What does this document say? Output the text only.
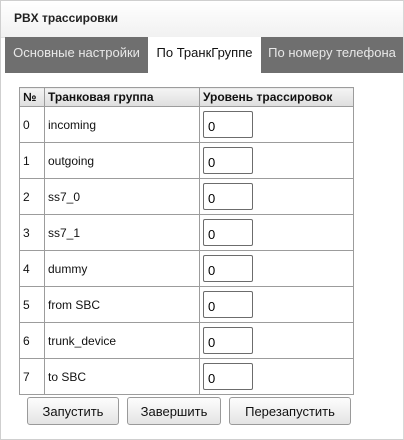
PBX трассировки
Основные настройки	По ТранкГруппе	По номеру телефона
№	Транковая группа	Уровень трассировок
0	incoming	0
1	outgoing	0
2	ss7_0	0
3	ss7_1	0
4	dummy	0
5	from SBC	0
6	trunk_device	0
7	to SBC	0
Запустить	Завершить	Перезапустить
